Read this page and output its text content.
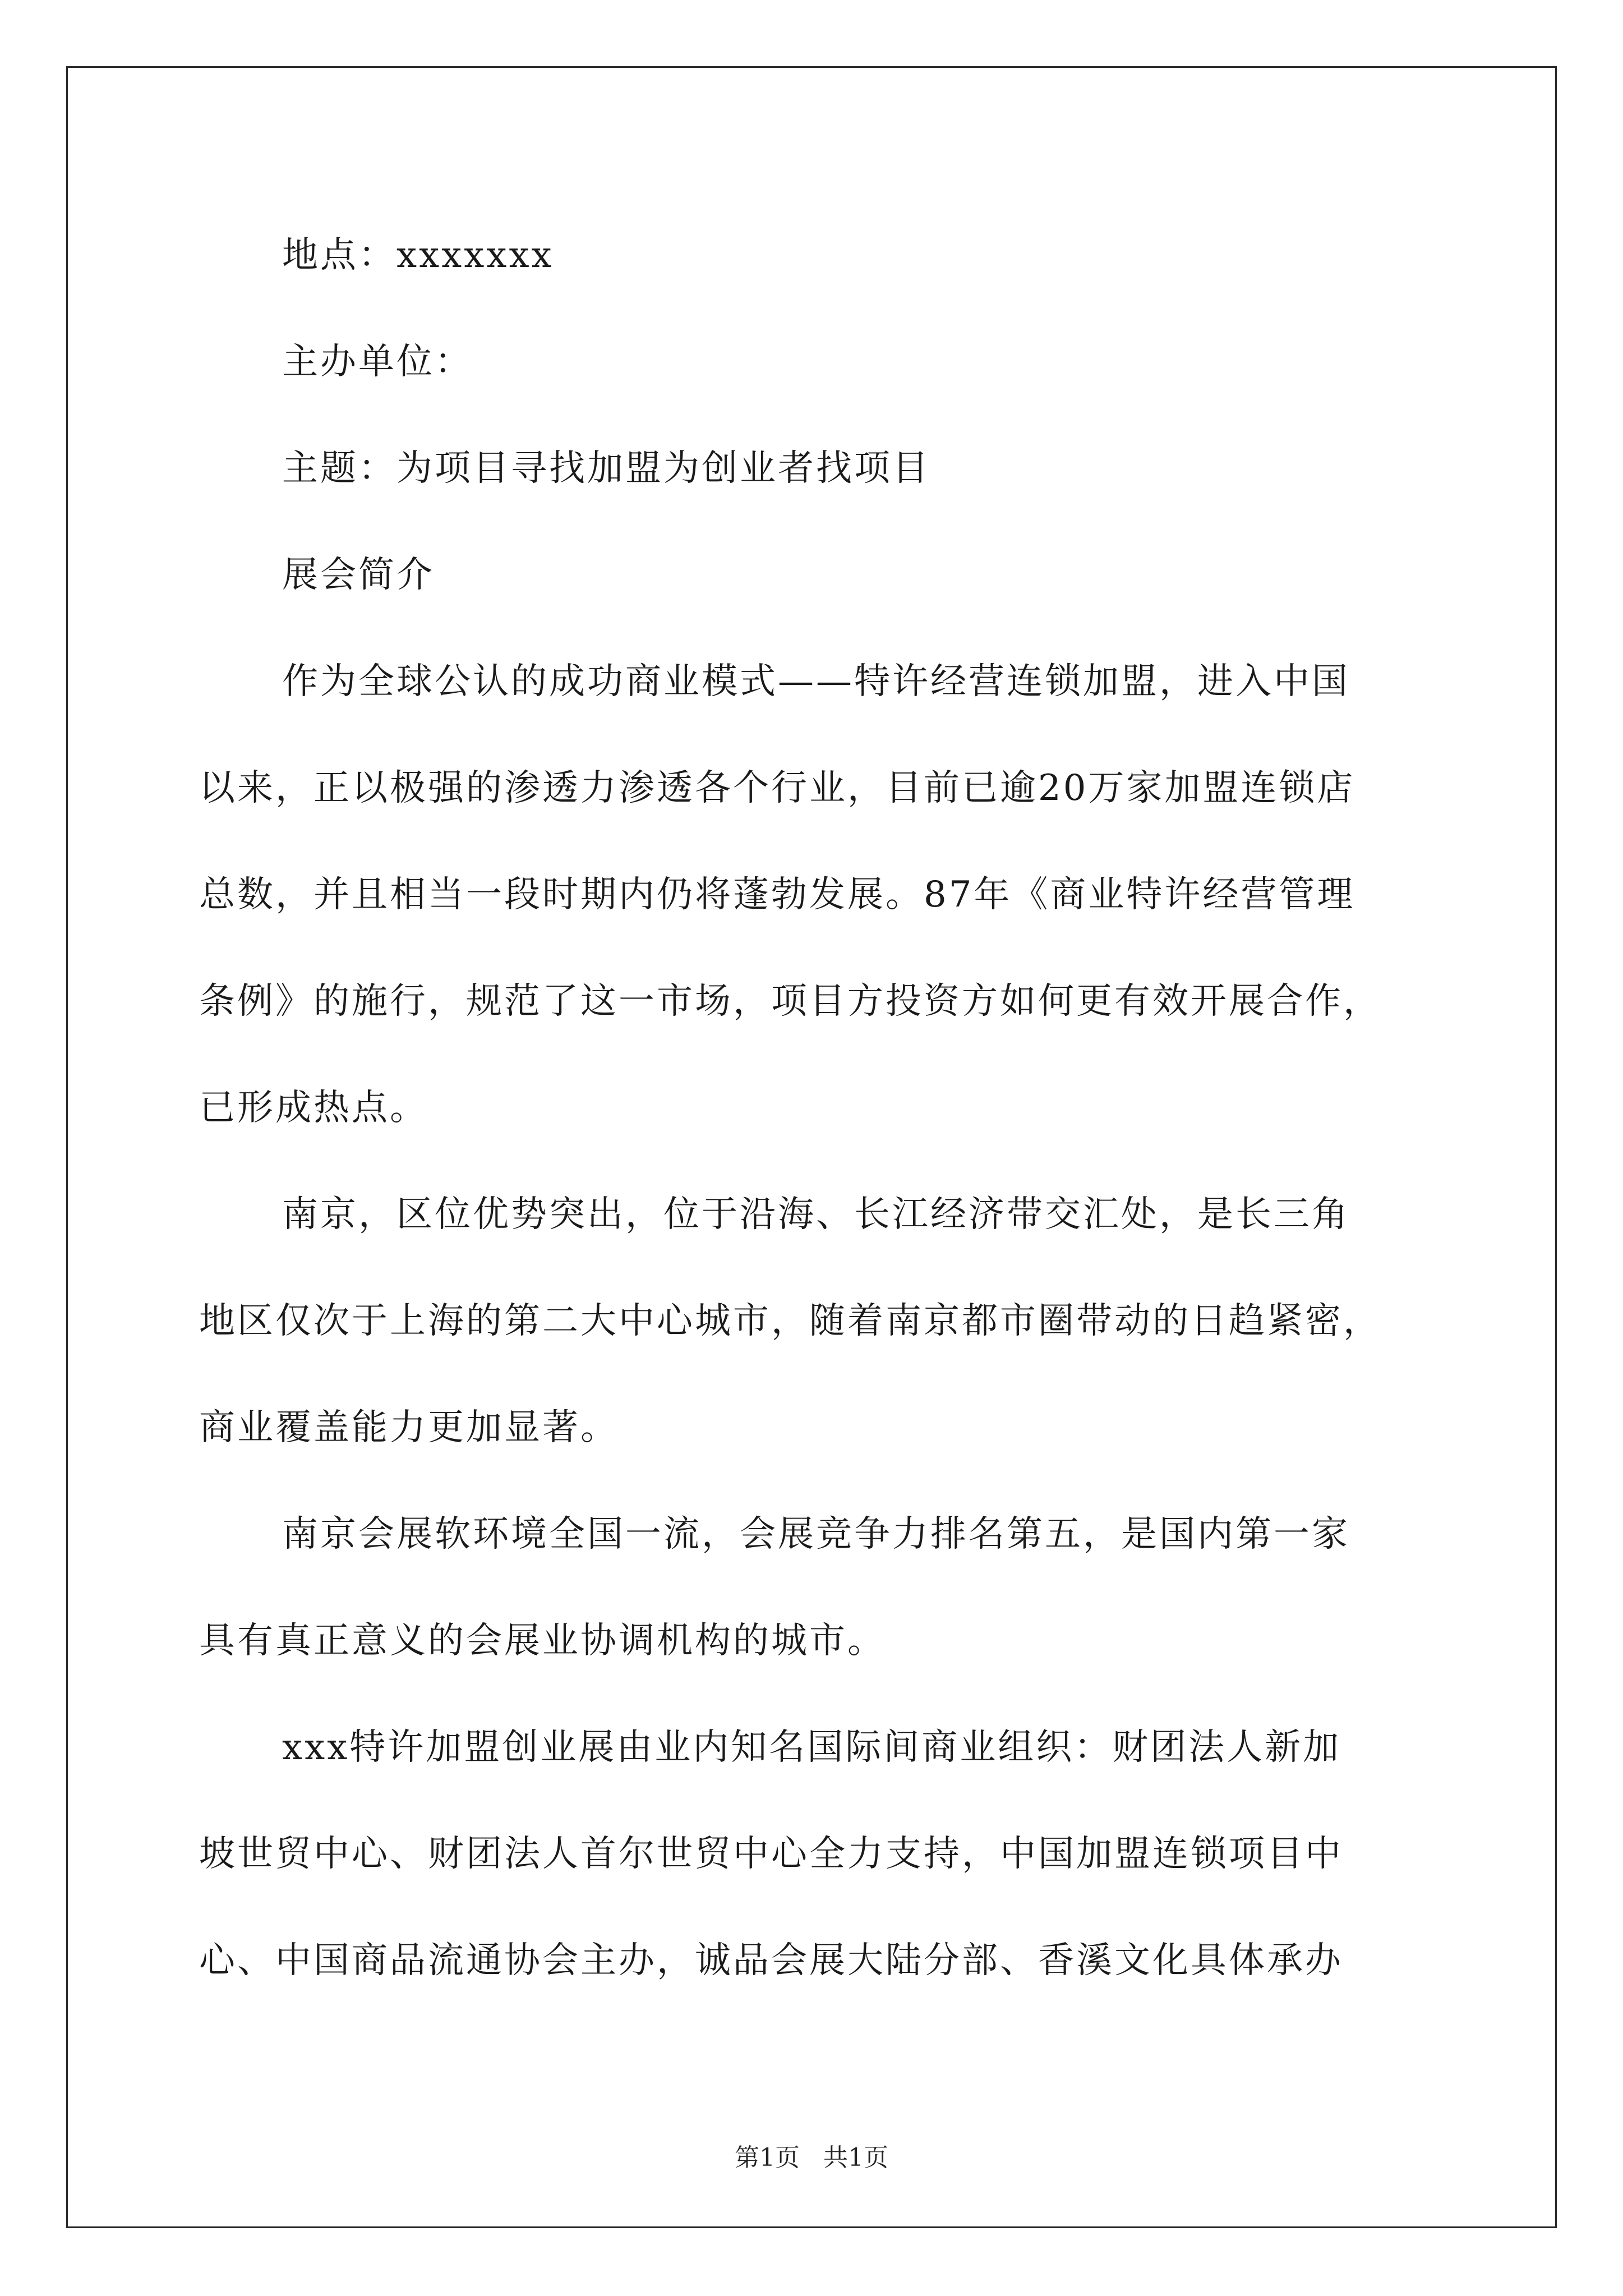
地点：xxxxxxx
主办单位：
主题：为项目寻找加盟为创业者找项目
展会简介
作为全球公认的成功商业模式——特许经营连锁加盟，进入中国
以来，正以极强的渗透力渗透各个行业，目前已逾20万家加盟连锁店
总数，并且相当一段时期内仍将蓬勃发展。87年《商业特许经营管理
条例》的施行，规范了这一市场，项目方投资方如何更有效开展合作，
已形成热点。
南京，区位优势突出，位于沿海、长江经济带交汇处，是长三角
地区仅次于上海的第二大中心城市，随着南京都市圈带动的日趋紧密，
商业覆盖能力更加显著。
南京会展软环境全国一流，会展竞争力排名第五，是国内第一家
具有真正意义的会展业协调机构的城市。
xxx特许加盟创业展由业内知名国际间商业组织：财团法人新加
坡世贸中心、财团法人首尔世贸中心全力支持，中国加盟连锁项目中
心、中国商品流通协会主办，诚品会展大陆分部、香溪文化具体承办
第1页 共1页
